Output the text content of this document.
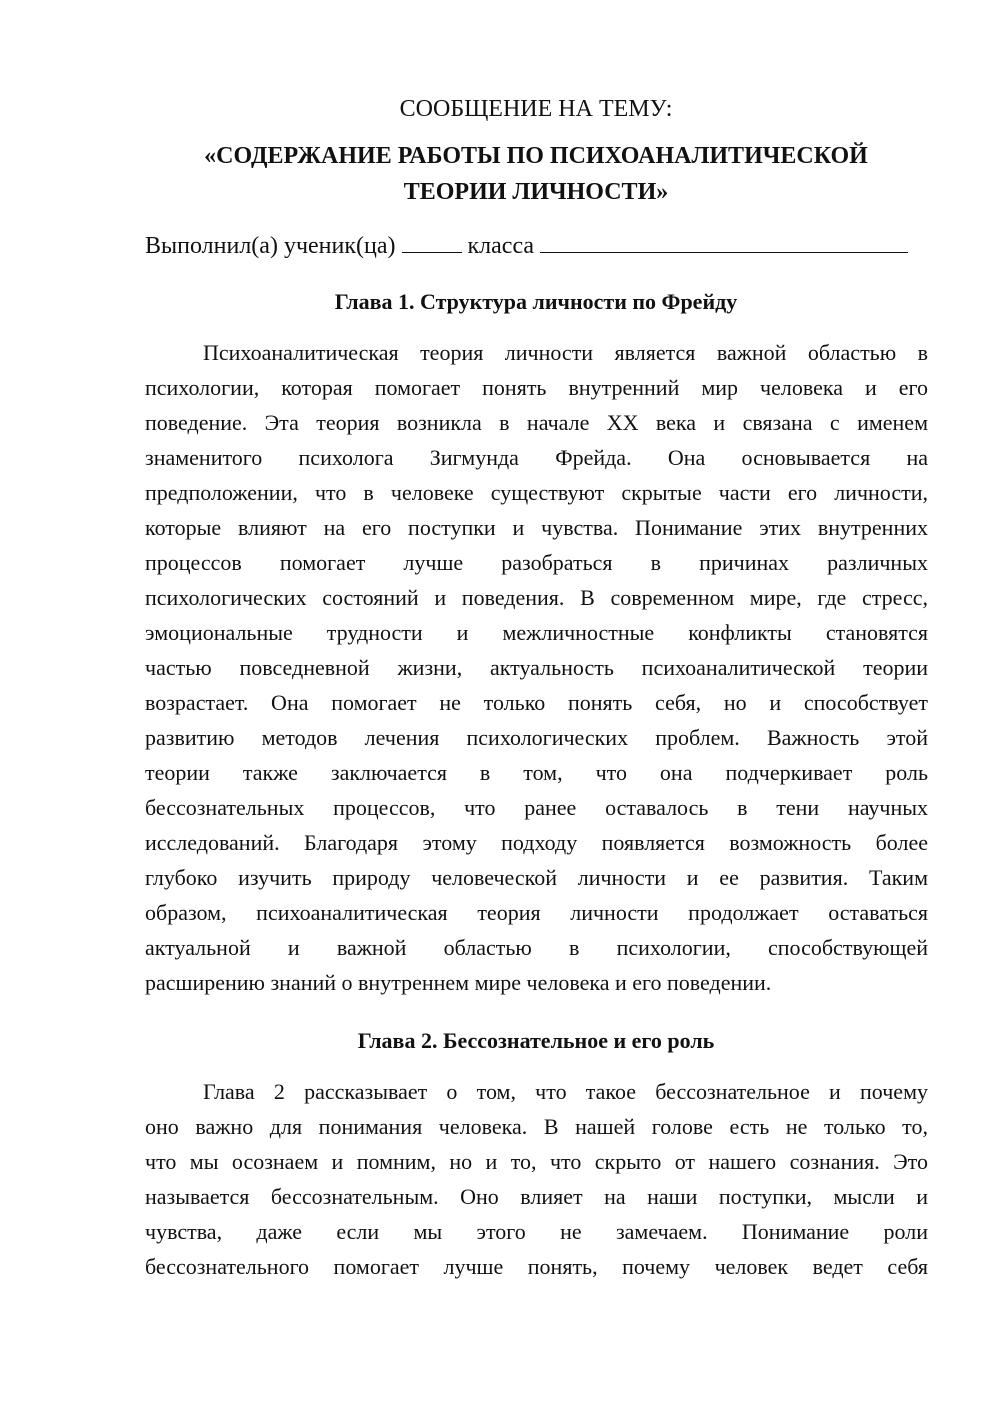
СООБЩЕНИЕ НА ТЕМУ:
«СОДЕРЖАНИЕ РАБОТЫ ПО ПСИХОАНАЛИТИЧЕСКОЙ
ТЕОРИИ ЛИЧНОСТИ»
Выполнил(а) ученик(ца)	класса
Глава 1. Структура личности по Фрейду
Психоаналитическая теория личности является важной областью в
психологии, которая помогает понять внутренний мир человека и его
поведение. Эта теория возникла в начале XX века и связана с именем
знаменитого психолога Зигмунда Фрейда. Она основывается на
предположении, что в человеке существуют скрытые части его личности,
которые влияют на его поступки и чувства. Понимание этих внутренних
процессов помогает лучше разобраться в причинах различных
психологических состояний и поведения. В современном мире, где стресс,
эмоциональные трудности и межличностные конфликты становятся
частью повседневной жизни, актуальность психоаналитической теории
возрастает. Она помогает не только понять себя, но и способствует
развитию методов лечения психологических проблем. Важность этой
теории также заключается в том, что она подчеркивает роль
бессознательных процессов, что ранее оставалось в тени научных
исследований. Благодаря этому подходу появляется возможность более
глубоко изучить природу человеческой личности и ее развития. Таким
образом, психоаналитическая теория личности продолжает оставаться
актуальной и важной областью в психологии, способствующей
расширению знаний о внутреннем мире человека и его поведении.
Глава 2. Бессознательное и его роль
Глава 2 рассказывает о том, что такое бессознательное и почему
оно важно для понимания человека. В нашей голове есть не только то,
что мы осознаем и помним, но и то, что скрыто от нашего сознания. Это
называется бессознательным. Оно влияет на наши поступки, мысли и
чувства, даже если мы этого не замечаем. Понимание роли
бессознательного помогает лучше понять, почему человек ведет себя
